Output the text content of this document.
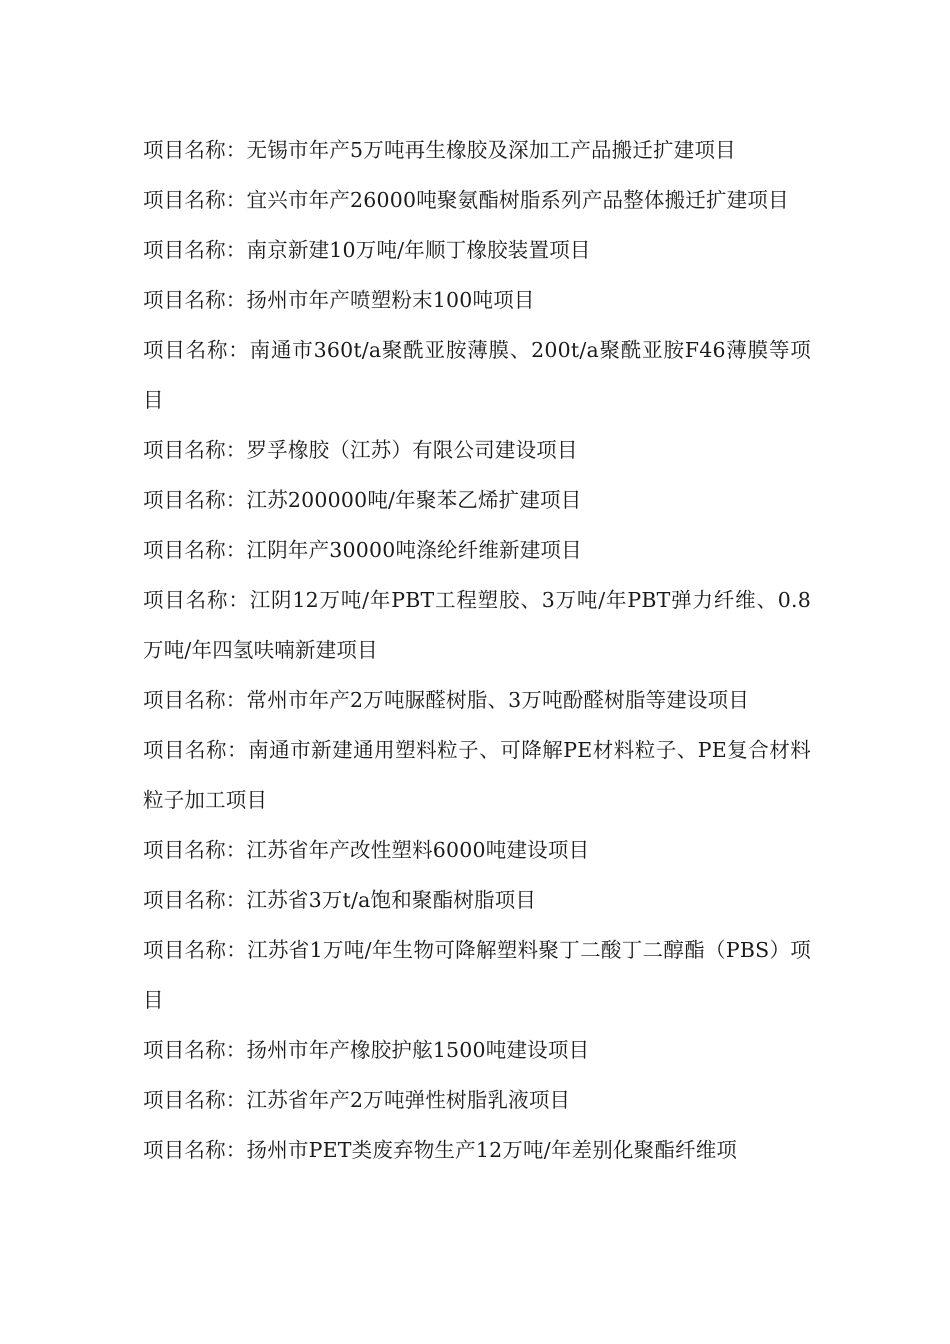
项目名称：无锡市年产5万吨再生橡胶及深加工产品搬迁扩建项目

项目名称：宜兴市年产26000吨聚氨酯树脂系列产品整体搬迁扩建项目

项目名称：南京新建10万吨/年顺丁橡胶装置项目

项目名称：扬州市年产喷塑粉末100吨项目

项目名称：南通市360t/a聚酰亚胺薄膜、200t/a聚酰亚胺F46薄膜等项目

项目名称：罗孚橡胶（江苏）有限公司建设项目

项目名称：江苏200000吨/年聚苯乙烯扩建项目

项目名称：江阴年产30000吨涤纶纤维新建项目

项目名称：江阴12万吨/年PBT工程塑胶、3万吨/年PBT弹力纤维、0.8万吨/年四氢呋喃新建项目

项目名称：常州市年产2万吨脲醛树脂、3万吨酚醛树脂等建设项目

项目名称：南通市新建通用塑料粒子、可降解PE材料粒子、PE复合材料粒子加工项目

项目名称：江苏省年产改性塑料6000吨建设项目

项目名称：江苏省3万t/a饱和聚酯树脂项目

项目名称：江苏省1万吨/年生物可降解塑料聚丁二酸丁二醇酯（PBS）项目

项目名称：扬州市年产橡胶护舷1500吨建设项目

项目名称：江苏省年产2万吨弹性树脂乳液项目

项目名称：扬州市PET类废弃物生产12万吨/年差别化聚酯纤维项
